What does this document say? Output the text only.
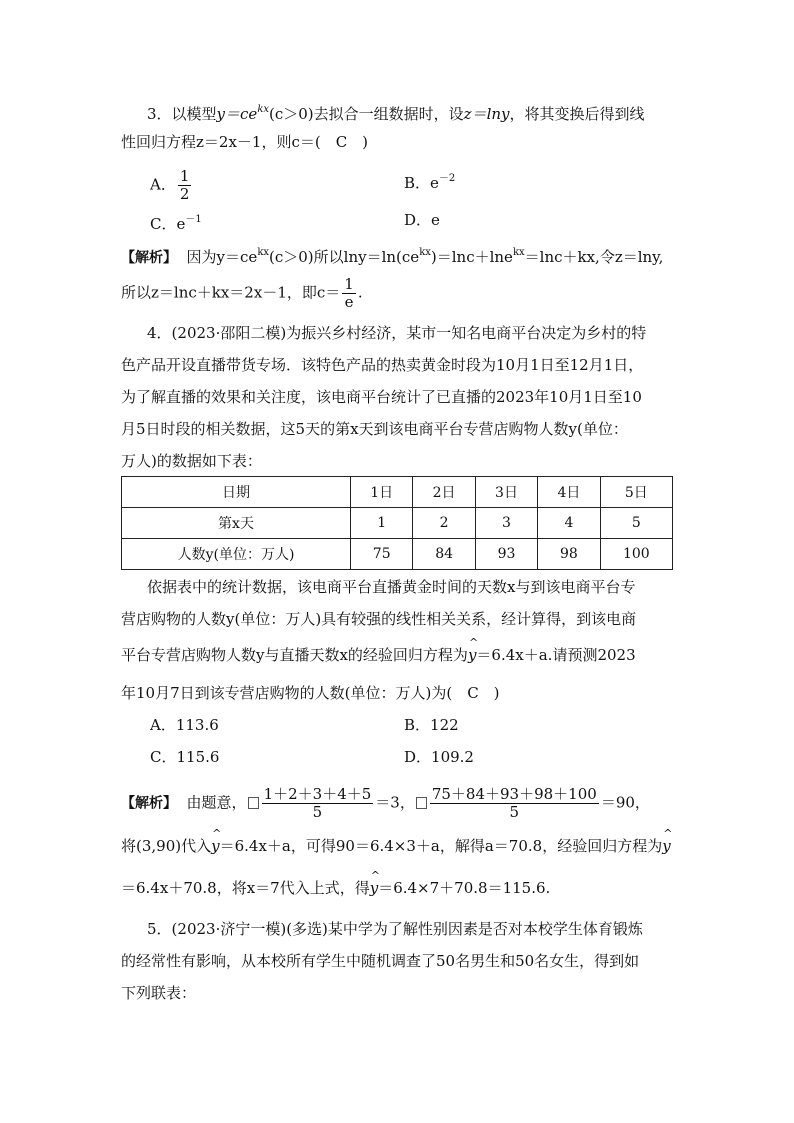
3．以模型$y=ce^{kx}(c>0)$去拟合一组数据时，设z＝lny，将其变换后得到线
性回归方程z＝2x－1，则c＝(　C　)
A． $\frac{1}{2}$	B．$e^{-2}$
C．$e^{-1}$	D．e
【解析】 因为$y=ce^{kx}(c>0)$所以$\ln y=\ln(ce^{kx})=\ln c+\ln e^{kx}=\ln c+kx$,令z＝lny,
所以z＝lnc＋kx＝2x－1，即$c= \frac{1}{e}$ .
4．(2023·邵阳二模)为振兴乡村经济，某市一知名电商平台决定为乡村的特
色产品开设直播带货专场．该特色产品的热卖黄金时段为10月1日至12月1日，
为了解直播的效果和关注度，该电商平台统计了已直播的2023年10月1日至10
月5日时段的相关数据，这5天的第x天到该电商平台专营店购物人数y(单位：
万人)的数据如下表：
日期	1日	2日	3日	4日	5日
第x天	1	2	3	4	5
人数y(单位：万人)	75	84	93	98	100
依据表中的统计数据，该电商平台直播黄金时间的天数x与到该电商平台专
营店购物的人数y(单位：万人)具有较强的线性相关关系，经计算得，到该电商
平台专营店购物人数y与直播天数x的经验回归方程为^ y＝6.4x＋a.请预测2023
年10月7日到该专营店购物的人数(单位：万人)为(　C　)
A．113.6	B．122
C．115.6	D．109.2
【解析】 由题意， $\frac{1+2+3+4+5}{5} =3$， $\frac{75+84+93+98+100}{5} =90$，
将(3,90)代入^ y＝6.4x＋a，可得90＝6.4×3＋a，解得a＝70.8，经验回归方程为^ y
＝6.4x＋70.8，将x＝7代入上式，得^ y＝6.4×7＋70.8＝115.6.
5．(2023·济宁一模)(多选)某中学为了解性别因素是否对本校学生体育锻炼
的经常性有影响，从本校所有学生中随机调查了50名男生和50名女生，得到如
下列联表：
